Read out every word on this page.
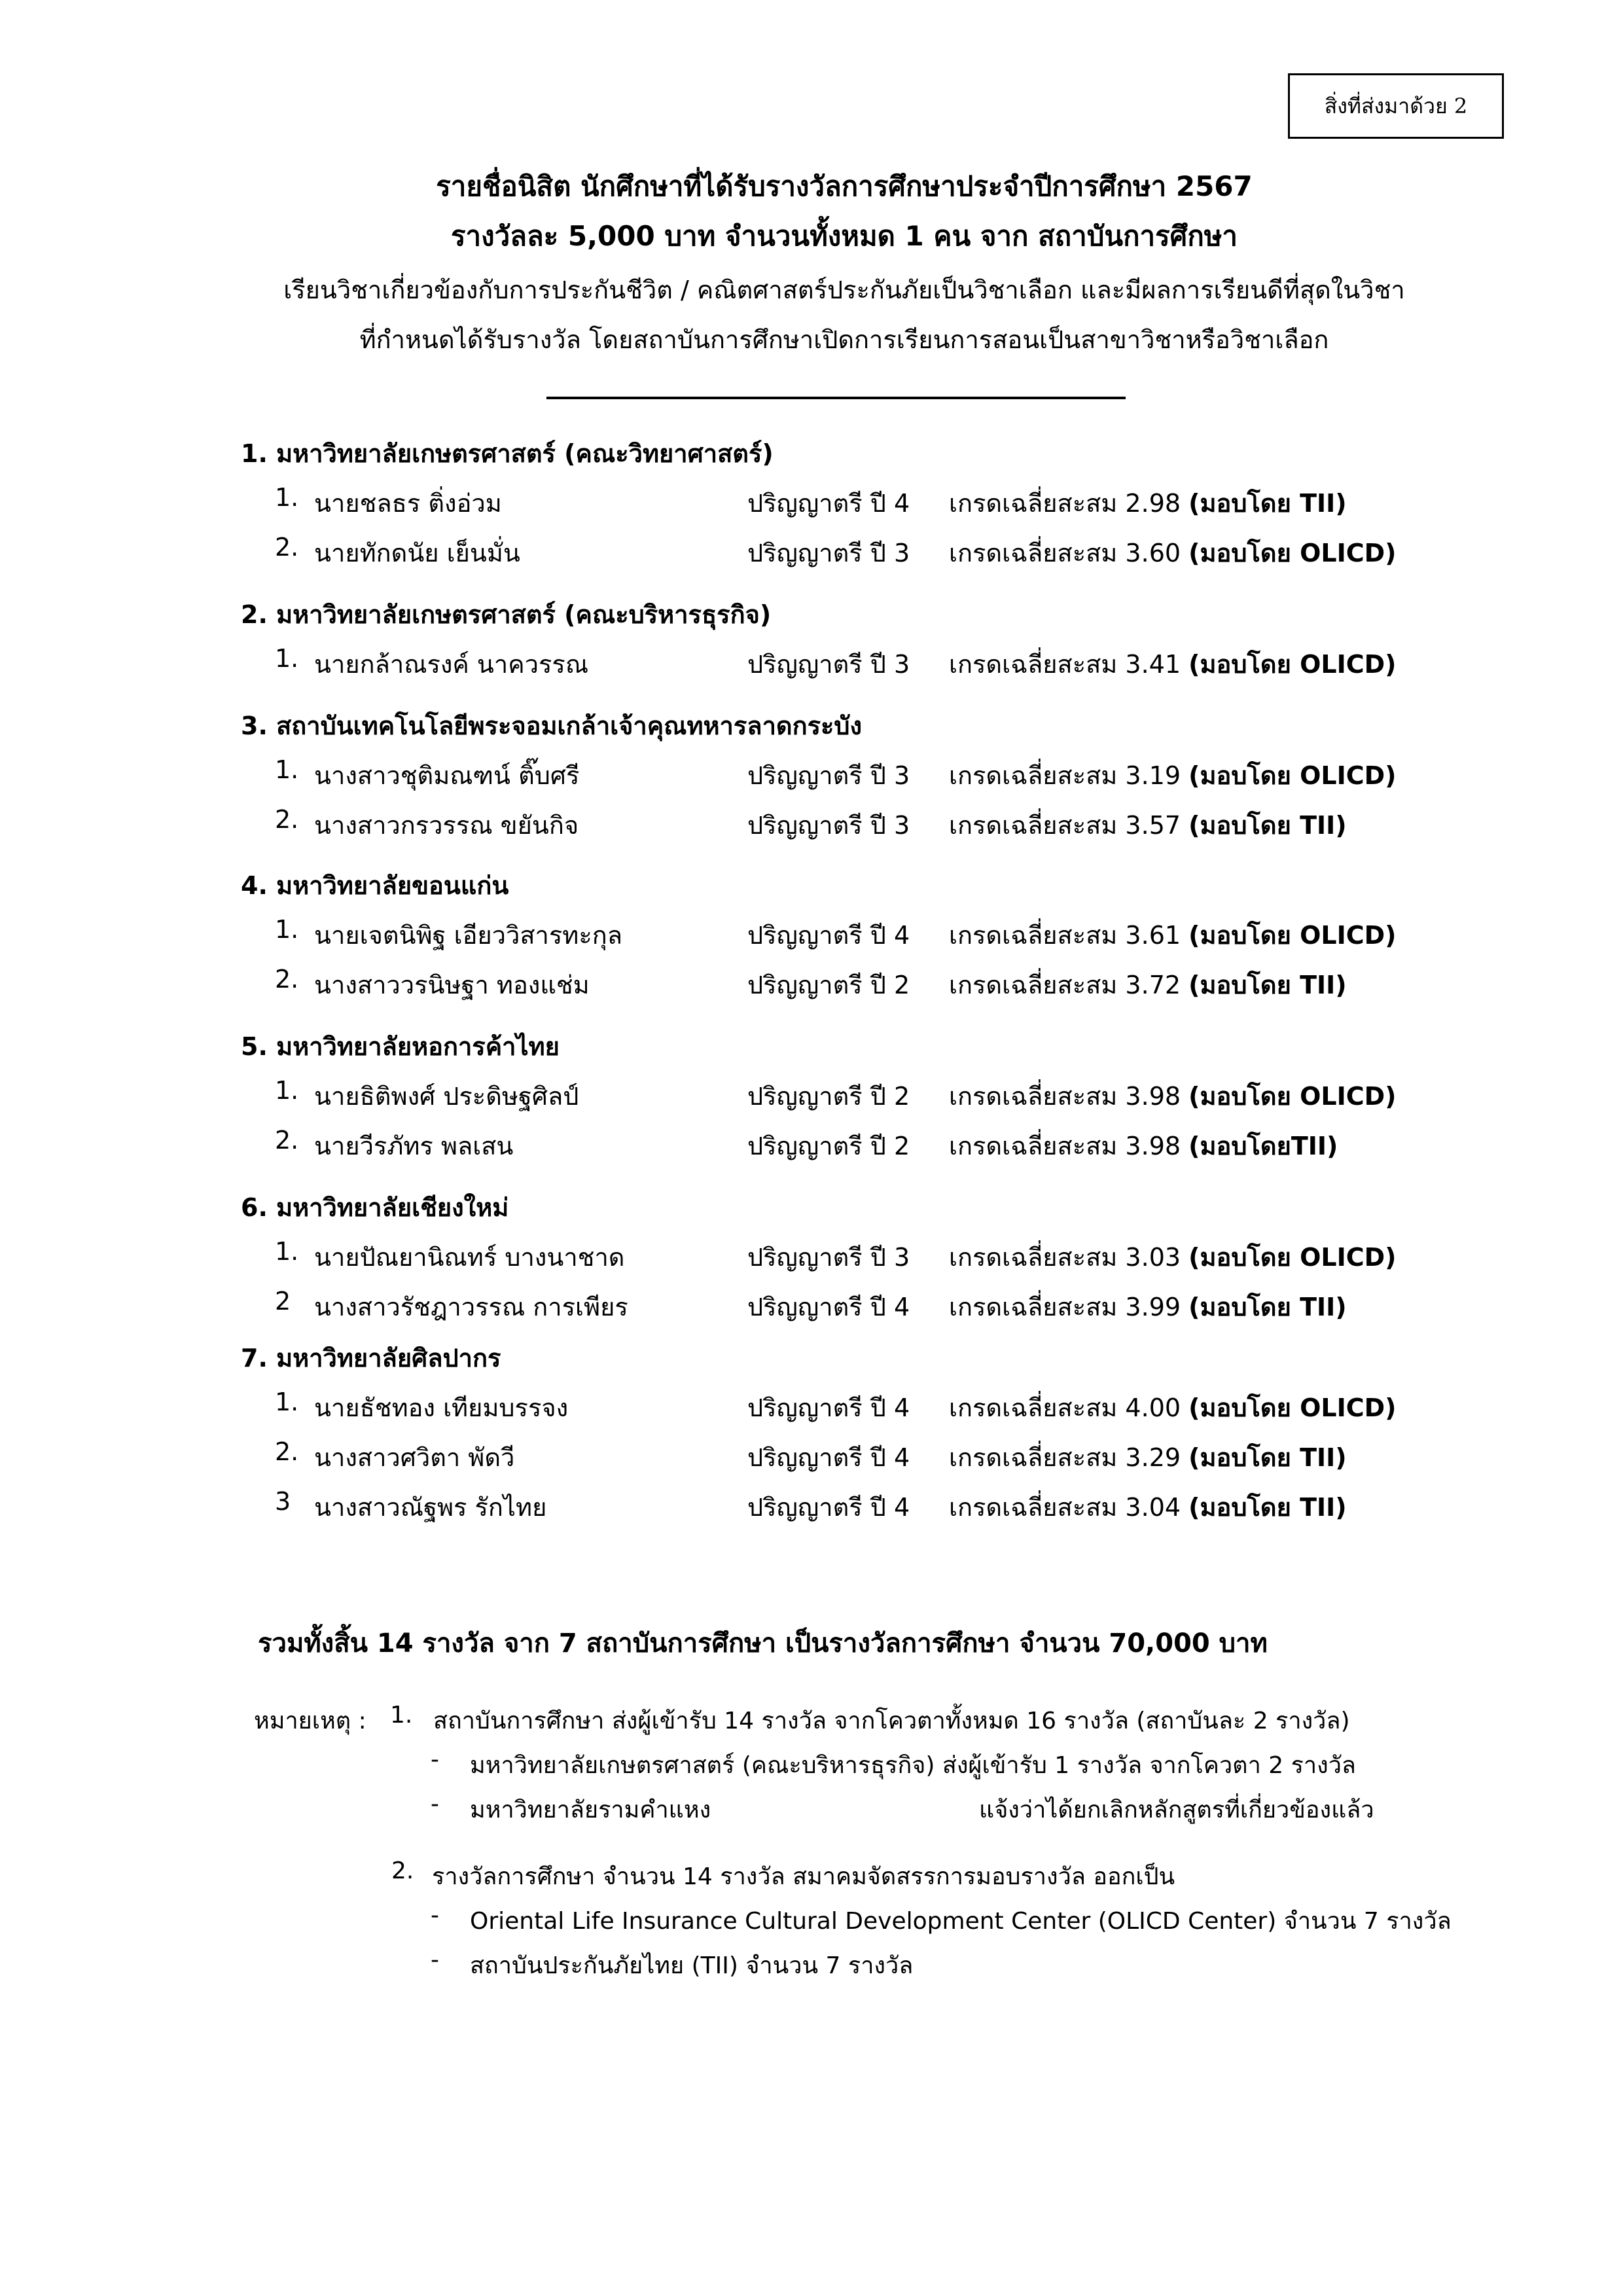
สิ่งที่ส่งมาด้วย 2
รายชื่อนิสิต นักศึกษาที่ได้รับรางวัลการศึกษาประจำปีการศึกษา 2567
รางวัลละ 5,000 บาท จำนวนทั้งหมด 1 คน จาก สถาบันการศึกษา
เรียนวิชาเกี่ยวข้องกับการประกันชีวิต / คณิตศาสตร์ประกันภัยเป็นวิชาเลือก และมีผลการเรียนดีที่สุดในวิชา
ที่กำหนดได้รับรางวัล โดยสถาบันการศึกษาเปิดการเรียนการสอนเป็นสาขาวิชาหรือวิชาเลือก
1. มหาวิทยาลัยเกษตรศาสตร์ (คณะวิทยาศาสตร์)
1. นายชลธร ติ่งอ่วม	ปริญญาตรี ปี 4 เกรดเฉลี่ยสะสม 2.98 (มอบโดย TII)
2. นายทักดนัย เย็นมั่น	ปริญญาตรี ปี 3 เกรดเฉลี่ยสะสม 3.60 (มอบโดย OLICD)
2. มหาวิทยาลัยเกษตรศาสตร์ (คณะบริหารธุรกิจ)
1. นายกล้าณรงค์ นาควรรณ	ปริญญาตรี ปี 3 เกรดเฉลี่ยสะสม 3.41 (มอบโดย OLICD)
3. สถาบันเทคโนโลยีพระจอมเกล้าเจ้าคุณทหารลาดกระบัง
1. นางสาวชุติมณฑน์ ติ๊บศรี	ปริญญาตรี ปี 3 เกรดเฉลี่ยสะสม 3.19 (มอบโดย OLICD)
2. นางสาวกรวรรณ ขยันกิจ	ปริญญาตรี ปี 3 เกรดเฉลี่ยสะสม 3.57 (มอบโดย TII)
4. มหาวิทยาลัยขอนแก่น
1. นายเจตนิพิฐ เอียววิสารทะกุล	ปริญญาตรี ปี 4 เกรดเฉลี่ยสะสม 3.61 (มอบโดย OLICD)
2. นางสาววรนิษฐา ทองแช่ม	ปริญญาตรี ปี 2 เกรดเฉลี่ยสะสม 3.72 (มอบโดย TII)
5. มหาวิทยาลัยหอการค้าไทย
1. นายธิติพงศ์ ประดิษฐศิลป์	ปริญญาตรี ปี 2 เกรดเฉลี่ยสะสม 3.98 (มอบโดย OLICD)
2. นายวีรภัทร พลเสน	ปริญญาตรี ปี 2 เกรดเฉลี่ยสะสม 3.98 (มอบโดยTII)
6. มหาวิทยาลัยเชียงใหม่
1. นายปัณยานิณทร์ บางนาชาด	ปริญญาตรี ปี 3 เกรดเฉลี่ยสะสม 3.03 (มอบโดย OLICD)
2 นางสาวรัชฎาวรรณ การเพียร	ปริญญาตรี ปี 4 เกรดเฉลี่ยสะสม 3.99 (มอบโดย TII)
7. มหาวิทยาลัยศิลปากร
1. นายธัชทอง เทียมบรรจง	ปริญญาตรี ปี 4 เกรดเฉลี่ยสะสม 4.00 (มอบโดย OLICD)
2. นางสาวศวิตา พัดวี	ปริญญาตรี ปี 4 เกรดเฉลี่ยสะสม 3.29 (มอบโดย TII)
3 นางสาวณัฐพร รักไทย	ปริญญาตรี ปี 4 เกรดเฉลี่ยสะสม 3.04 (มอบโดย TII)
รวมทั้งสิ้น 14 รางวัล จาก 7 สถาบันการศึกษา เป็นรางวัลการศึกษา จำนวน 70,000 บาท
หมายเหตุ : 1. สถาบันการศึกษา ส่งผู้เข้ารับ 14 รางวัล จากโควตาทั้งหมด 16 รางวัล (สถาบันละ 2 รางวัล)
- มหาวิทยาลัยเกษตรศาสตร์ (คณะบริหารธุรกิจ) ส่งผู้เข้ารับ 1 รางวัล จากโควตา 2 รางวัล
- มหาวิทยาลัยรามคำแหง	แจ้งว่าได้ยกเลิกหลักสูตรที่เกี่ยวข้องแล้ว
2. รางวัลการศึกษา จำนวน 14 รางวัล สมาคมจัดสรรการมอบรางวัล ออกเป็น
- Oriental Life Insurance Cultural Development Center (OLICD Center) จำนวน 7 รางวัล
- สถาบันประกันภัยไทย (TII) จำนวน 7 รางวัล
